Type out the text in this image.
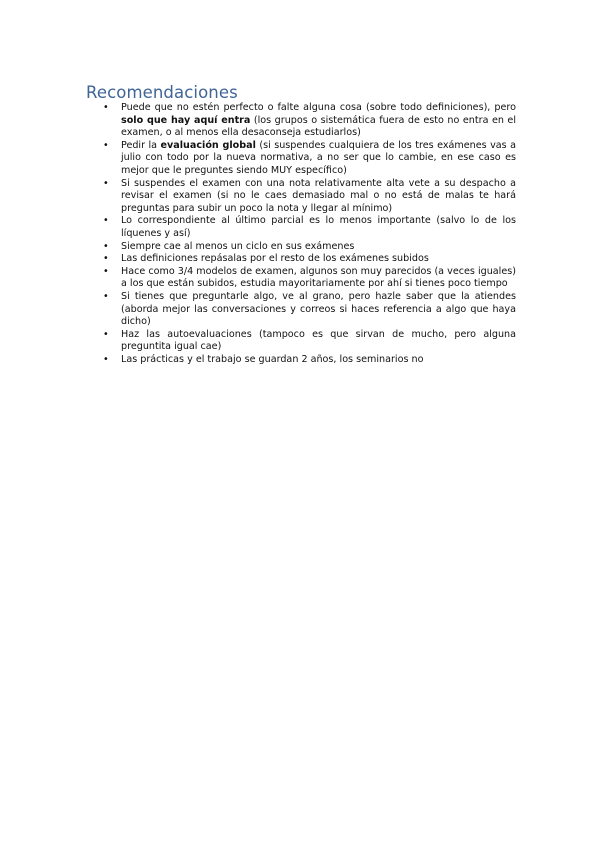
Recomendaciones
• Puede que no estén perfecto o falte alguna cosa (sobre todo definiciones), pero solo que hay aquí entra (los grupos o sistemática fuera de esto no entra en el examen, o al menos ella desaconseja estudiarlos)
• Pedir la evaluación global (si suspendes cualquiera de los tres exámenes vas a julio con todo por la nueva normativa, a no ser que lo cambie, en ese caso es mejor que le preguntes siendo MUY específico)
• Si suspendes el examen con una nota relativamente alta vete a su despacho a revisar el examen (si no le caes demasiado mal o no está de malas te hará preguntas para subir un poco la nota y llegar al mínimo)
• Lo correspondiente al último parcial es lo menos importante (salvo lo de los líquenes y así)
• Siempre cae al menos un ciclo en sus exámenes
• Las definiciones repásalas por el resto de los exámenes subidos
• Hace como 3/4 modelos de examen, algunos son muy parecidos (a veces iguales) a los que están subidos, estudia mayoritariamente por ahí si tienes poco tiempo
• Si tienes que preguntarle algo, ve al grano, pero hazle saber que la atiendes (aborda mejor las conversaciones y correos si haces referencia a algo que haya dicho)
• Haz las autoevaluaciones (tampoco es que sirvan de mucho, pero alguna preguntita igual cae)
• Las prácticas y el trabajo se guardan 2 años, los seminarios no
